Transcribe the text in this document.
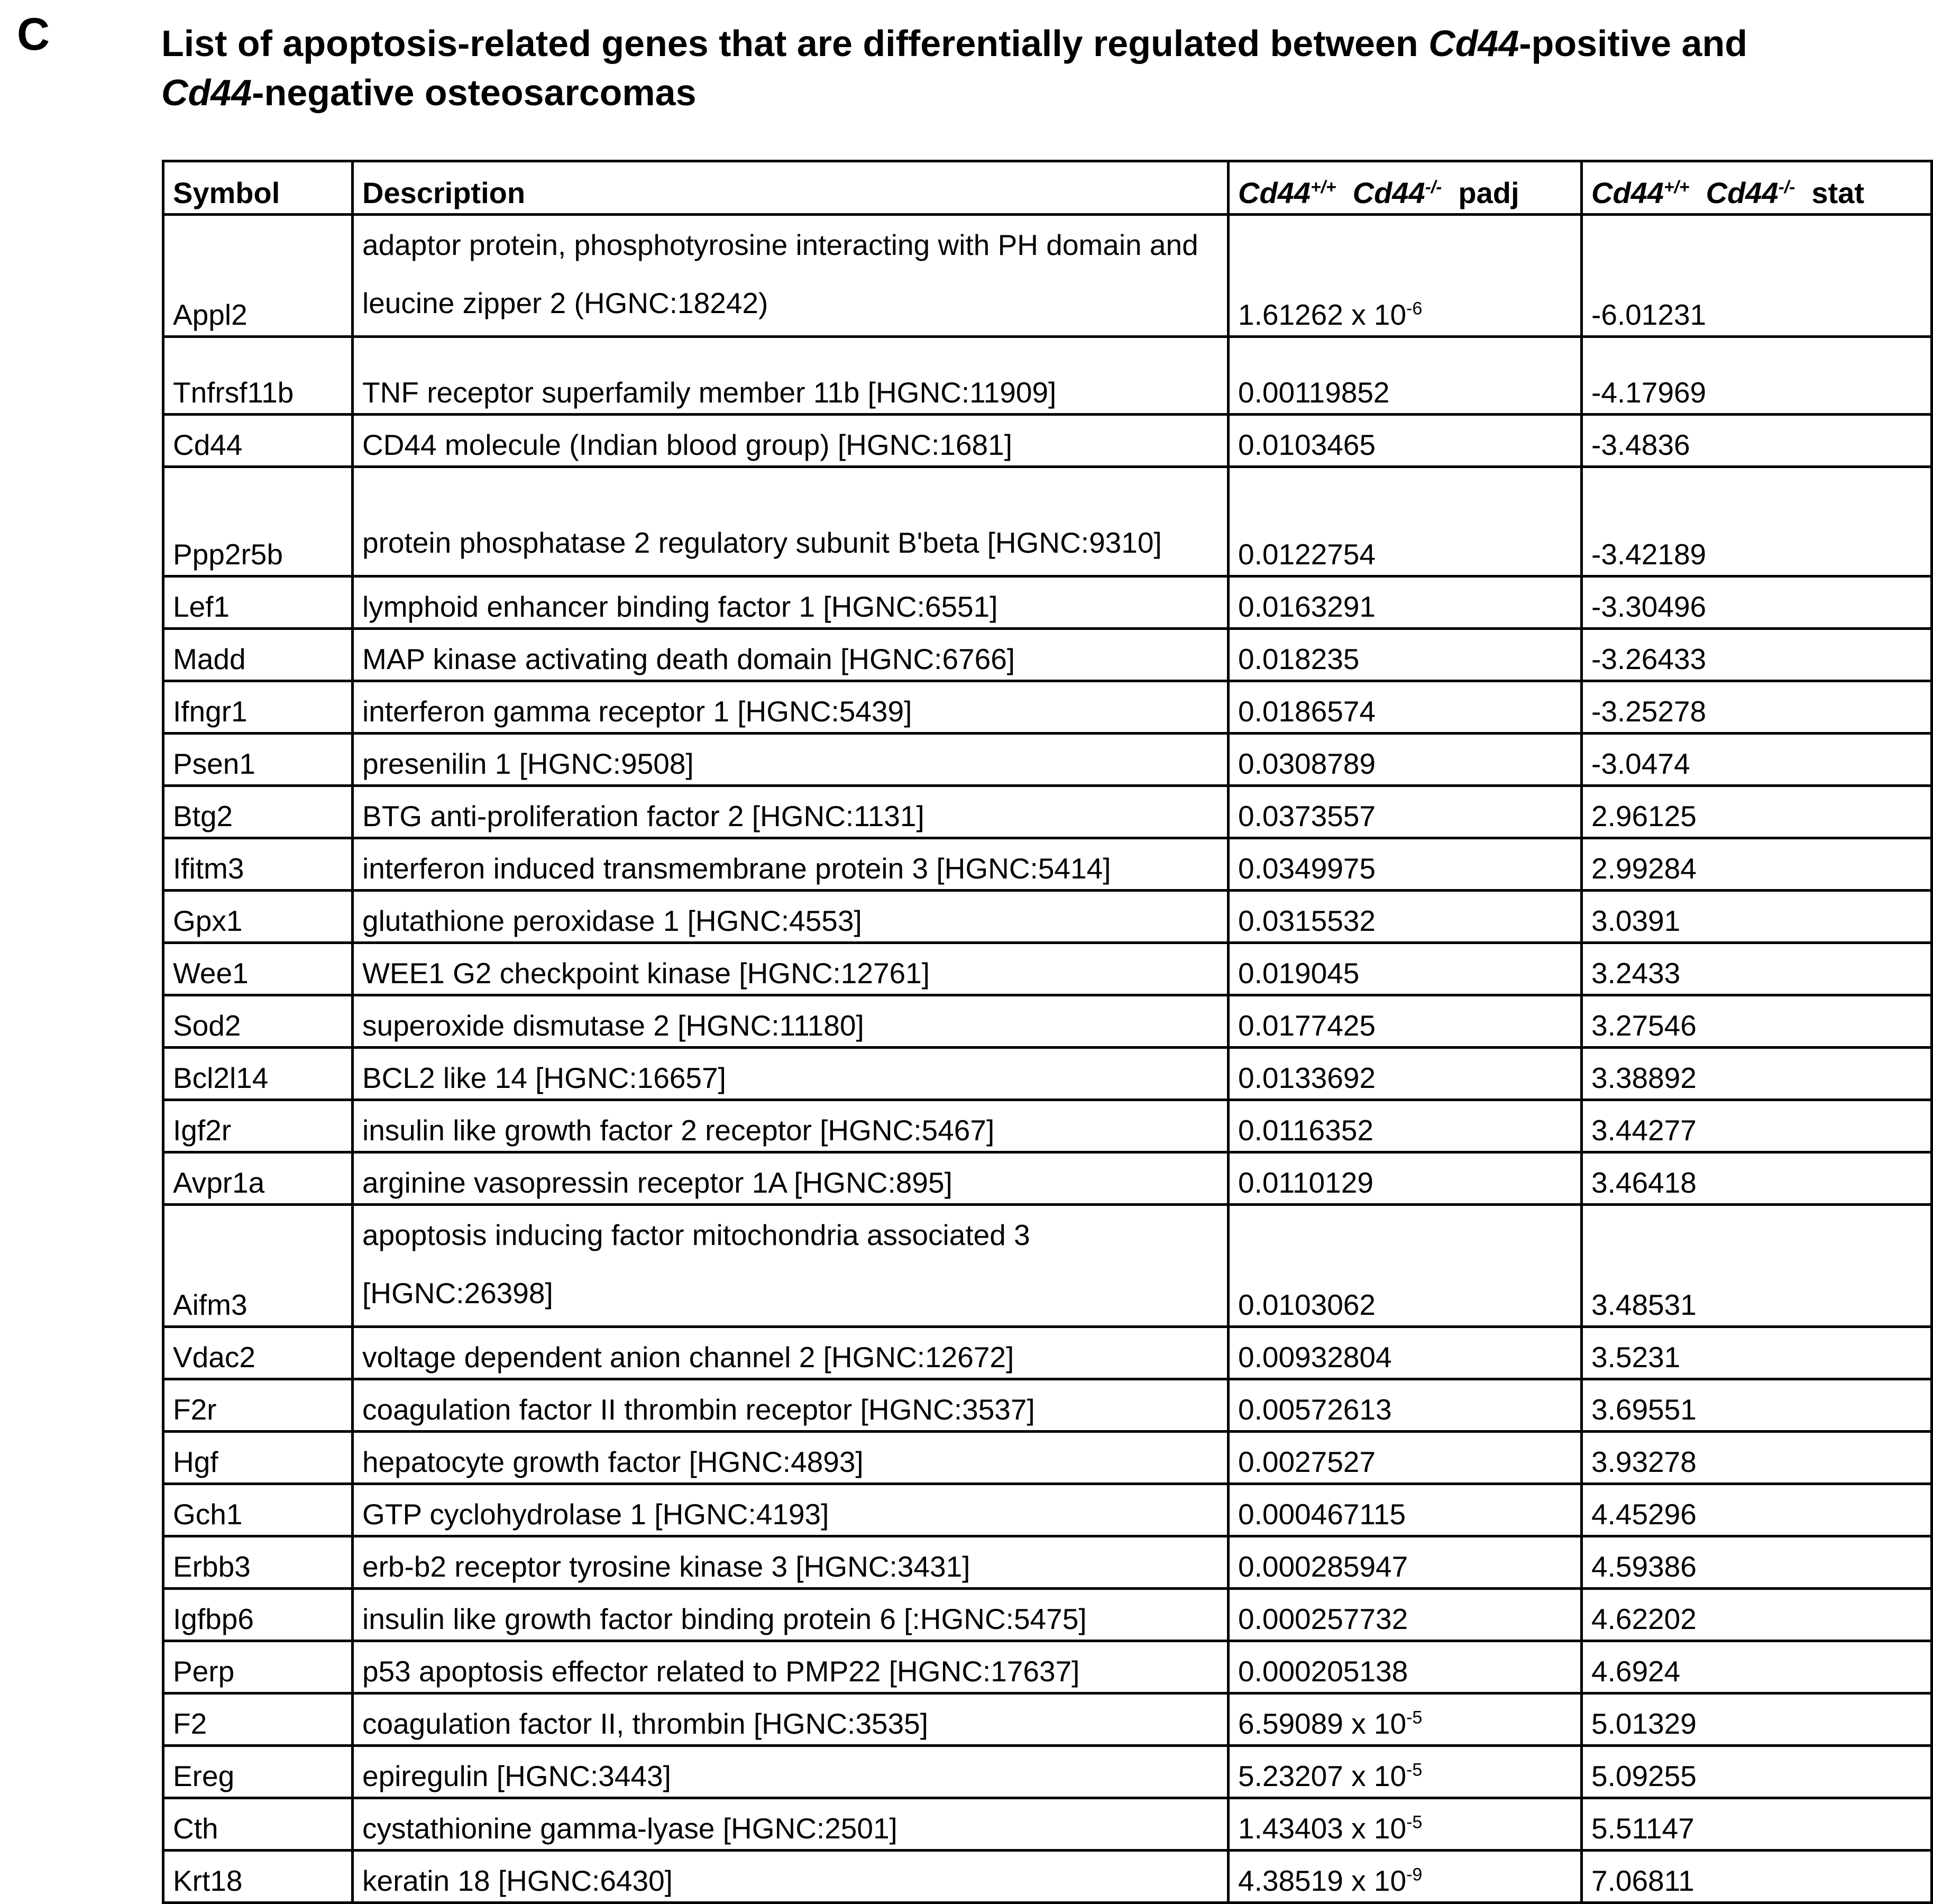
C	List of apoptosis-related genes that are differentially regulated between Cd44-positive and
Cd44-negative osteosarcomas
Symbol	Description	Cd44+/+ Cd44-/- padj	Cd44+/+ Cd44-/- stat
Appl2	adaptor protein, phosphotyrosine interacting with PH domain and leucine zipper 2 (HGNC:18242)	1.61262 x $10^{-6}$	-6.01231
Tnfrsf11b	TNF receptor superfamily member 11b [HGNC:11909]	0.00119852	-4.17969
Cd44	CD44 molecule (Indian blood group) [HGNC:1681]	0.0103465	-3.4836
Ppp2r5b	protein phosphatase 2 regulatory subunit B'beta [HGNC:9310]	0.0122754	-3.42189
Lef1	lymphoid enhancer binding factor 1 [HGNC:6551]	0.0163291	-3.30496
Madd	MAP kinase activating death domain [HGNC:6766]	0.018235	-3.26433
Ifngr1	interferon gamma receptor 1 [HGNC:5439]	0.0186574	-3.25278
Psen1	presenilin 1 [HGNC:9508]	0.0308789	-3.0474
Btg2	BTG anti-proliferation factor 2 [HGNC:1131]	0.0373557	2.96125
Ifitm3	interferon induced transmembrane protein 3 [HGNC:5414]	0.0349975	2.99284
Gpx1	glutathione peroxidase 1 [HGNC:4553]	0.0315532	3.0391
Wee1	WEE1 G2 checkpoint kinase [HGNC:12761]	0.019045	3.2433
Sod2	superoxide dismutase 2 [HGNC:11180]	0.0177425	3.27546
Bcl2l14	BCL2 like 14 [HGNC:16657]	0.0133692	3.38892
Igf2r	insulin like growth factor 2 receptor [HGNC:5467]	0.0116352	3.44277
Avpr1a	arginine vasopressin receptor 1A [HGNC:895]	0.0110129	3.46418
Aifm3	apoptosis inducing factor mitochondria associated 3 [HGNC:26398]	0.0103062	3.48531
Vdac2	voltage dependent anion channel 2 [HGNC:12672]	0.00932804	3.5231
F2r	coagulation factor II thrombin receptor [HGNC:3537]	0.00572613	3.69551
Hgf	hepatocyte growth factor [HGNC:4893]	0.0027527	3.93278
Gch1	GTP cyclohydrolase 1 [HGNC:4193]	0.000467115	4.45296
Erbb3	erb-b2 receptor tyrosine kinase 3 [HGNC:3431]	0.000285947	4.59386
Igfbp6	insulin like growth factor binding protein 6 [:HGNC:5475]	0.000257732	4.62202
Perp	p53 apoptosis effector related to PMP22 [HGNC:17637]	0.000205138	4.6924
F2	coagulation factor II, thrombin [HGNC:3535]	6.59089 x $10^{-5}$	5.01329
Ereg	epiregulin [HGNC:3443]	5.23207 x $10^{-5}$	5.09255
Cth	cystathionine gamma-lyase [HGNC:2501]	1.43403 x $10^{-5}$	5.51147
Krt18	keratin 18 [HGNC:6430]	4.38519 x $10^{-9}$	7.06811
